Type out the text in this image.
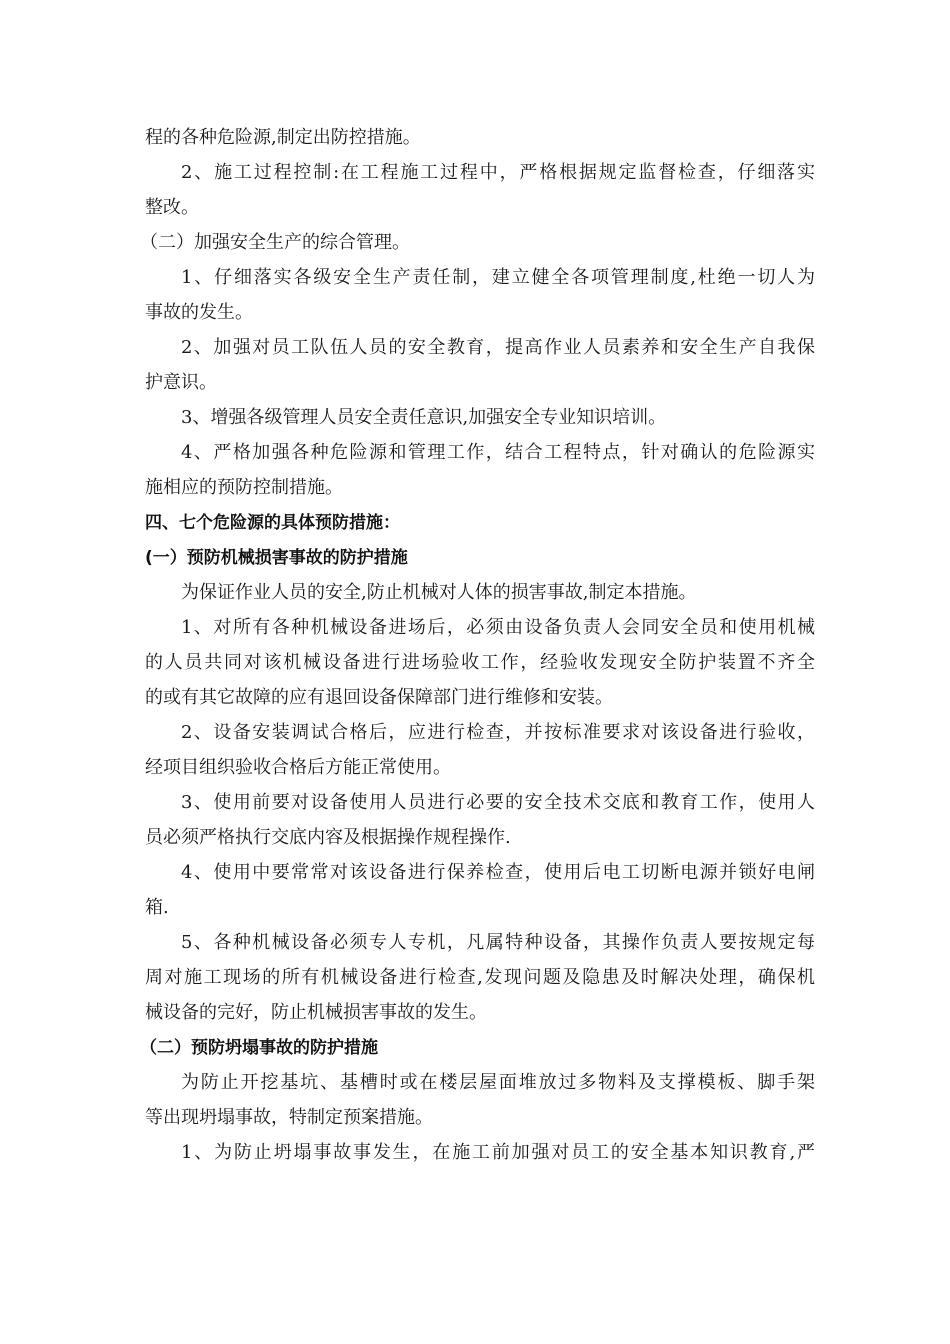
程的各种危险源,制定出防控措施。
2、施工过程控制:在工程施工过程中，严格根据规定监督检查，仔细落实
整改。
（二）加强安全生产的综合管理。
1、仔细落实各级安全生产责任制，建立健全各项管理制度,杜绝一切人为
事故的发生。
2、加强对员工队伍人员的安全教育，提高作业人员素养和安全生产自我保
护意识。
3、增强各级管理人员安全责任意识,加强安全专业知识培训。
4、严格加强各种危险源和管理工作，结合工程特点，针对确认的危险源实
施相应的预防控制措施。
四、七个危险源的具体预防措施：
(一）预防机械损害事故的防护措施
为保证作业人员的安全,防止机械对人体的损害事故,制定本措施。
1、对所有各种机械设备进场后，必须由设备负责人会同安全员和使用机械
的人员共同对该机械设备进行进场验收工作，经验收发现安全防护装置不齐全
的或有其它故障的应有退回设备保障部门进行维修和安装。
2、设备安装调试合格后，应进行检查，并按标准要求对该设备进行验收，
经项目组织验收合格后方能正常使用。
3、使用前要对设备使用人员进行必要的安全技术交底和教育工作，使用人
员必须严格执行交底内容及根据操作规程操作.
4、使用中要常常对该设备进行保养检查，使用后电工切断电源并锁好电闸
箱.
5、各种机械设备必须专人专机，凡属特种设备，其操作负责人要按规定每
周对施工现场的所有机械设备进行检查,发现问题及隐患及时解决处理，确保机
械设备的完好，防止机械损害事故的发生。
（二）预防坍塌事故的防护措施
为防止开挖基坑、基槽时或在楼层屋面堆放过多物料及支撑模板、脚手架
等出现坍塌事故，特制定预案措施。
1、为防止坍塌事故事发生，在施工前加强对员工的安全基本知识教育,严
